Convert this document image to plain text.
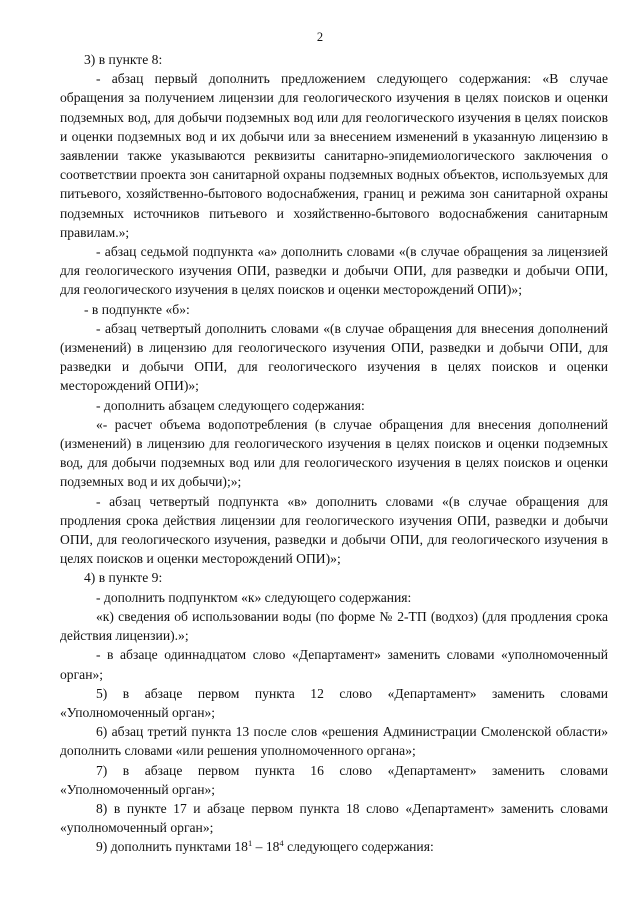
2

3) в пункте 8:

- абзац первый дополнить предложением следующего содержания: «В случае обращения за получением лицензии для геологического изучения в целях поисков и оценки подземных вод, для добычи подземных вод или для геологического изучения в целях поисков и оценки подземных вод и их добычи или за внесением изменений в указанную лицензию в заявлении также указываются реквизиты санитарно-эпидемиологического заключения о соответствии проекта зон санитарной охраны подземных водных объектов, используемых для питьевого, хозяйственно-бытового водоснабжения, границ и режима зон санитарной охраны подземных источников питьевого и хозяйственно-бытового водоснабжения санитарным правилам.»;

- абзац седьмой подпункта «а» дополнить словами «(в случае обращения за лицензией для геологического изучения ОПИ, разведки и добычи ОПИ, для разведки и добычи ОПИ, для геологического изучения в целях поисков и оценки месторождений ОПИ)»;

- в подпункте «б»:

- абзац четвертый дополнить словами «(в случае обращения для внесения дополнений (изменений) в лицензию для геологического изучения ОПИ, разведки и добычи ОПИ, для разведки и добычи ОПИ, для геологического изучения в целях поисков и оценки месторождений ОПИ)»;

- дополнить абзацем следующего содержания:

«- расчет объема водопотребления (в случае обращения для внесения дополнений (изменений) в лицензию для геологического изучения в целях поисков и оценки подземных вод, для добычи подземных вод или для геологического изучения в целях поисков и оценки подземных вод и их добычи);»;

- абзац четвертый подпункта «в» дополнить словами «(в случае обращения для продления срока действия лицензии для геологического изучения ОПИ, разведки и добычи ОПИ, для геологического изучения, разведки и добычи ОПИ, для геологического изучения в целях поисков и оценки месторождений ОПИ)»;

4) в пункте 9:

- дополнить подпунктом «к» следующего содержания:

«к) сведения об использовании воды (по форме № 2-ТП (водхоз) (для продления срока действия лицензии).»;

- в абзаце одиннадцатом слово «Департамент» заменить словами «уполномоченный орган»;

5) в абзаце первом пункта 12 слово «Департамент» заменить словами «Уполномоченный орган»;

6) абзац третий пункта 13 после слов «решения Администрации Смоленской области» дополнить словами «или решения уполномоченного органа»;

7) в абзаце первом пункта 16 слово «Департамент» заменить словами «Уполномоченный орган»;

8) в пункте 17 и абзаце первом пункта 18 слово «Департамент» заменить словами «уполномоченный орган»;

9) дополнить пунктами $18^1 - 18^4$ следующего содержания:
